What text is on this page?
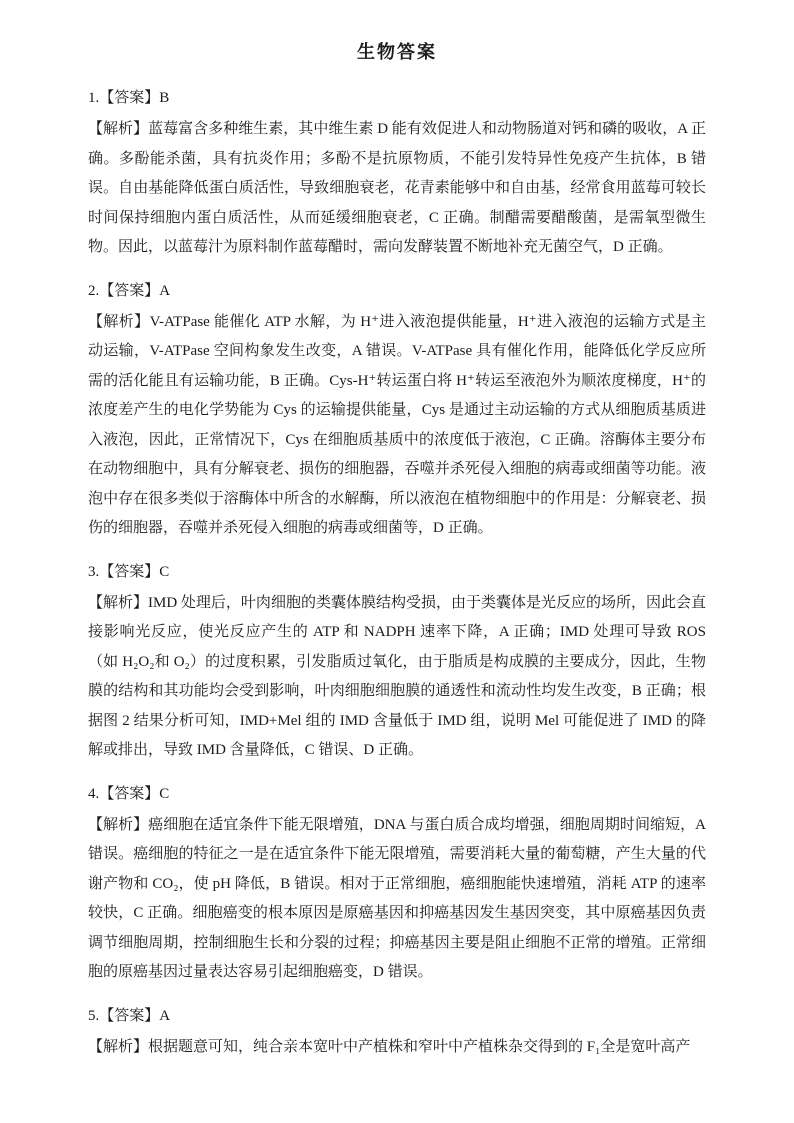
生物答案

1.【答案】B

【解析】蓝莓富含多种维生素，其中维生素 D 能有效促进人和动物肠道对钙和磷的吸收，A 正确。多酚能杀菌，具有抗炎作用；多酚不是抗原物质，不能引发特异性免疫产生抗体，B 错误。自由基能降低蛋白质活性，导致细胞衰老，花青素能够中和自由基，经常食用蓝莓可较长时间保持细胞内蛋白质活性，从而延缓细胞衰老，C 正确。制醋需要醋酸菌，是需氧型微生物。因此，以蓝莓汁为原料制作蓝莓醋时，需向发酵装置不断地补充无菌空气，D 正确。

2.【答案】A

【解析】V-ATPase 能催化 ATP 水解，为 H⁺进入液泡提供能量，H⁺进入液泡的运输方式是主动运输，V-ATPase 空间构象发生改变，A 错误。V-ATPase 具有催化作用，能降低化学反应所需的活化能且有运输功能，B 正确。Cys-H⁺转运蛋白将 H⁺转运至液泡外为顺浓度梯度，H⁺的浓度差产生的电化学势能为 Cys 的运输提供能量，Cys 是通过主动运输的方式从细胞质基质进入液泡，因此，正常情况下，Cys 在细胞质基质中的浓度低于液泡，C 正确。溶酶体主要分布在动物细胞中，具有分解衰老、损伤的细胞器，吞噬并杀死侵入细胞的病毒或细菌等功能。液泡中存在很多类似于溶酶体中所含的水解酶，所以液泡在植物细胞中的作用是：分解衰老、损伤的细胞器，吞噬并杀死侵入细胞的病毒或细菌等，D 正确。

3.【答案】C

【解析】IMD 处理后，叶肉细胞的类囊体膜结构受损，由于类囊体是光反应的场所，因此会直接影响光反应，使光反应产生的 ATP 和 NADPH 速率下降，A 正确；IMD 处理可导致 ROS（如 H₂O₂和 O₂）的过度积累，引发脂质过氧化，由于脂质是构成膜的主要成分，因此，生物膜的结构和其功能均会受到影响，叶肉细胞细胞膜的通透性和流动性均发生改变，B 正确；根据图 2 结果分析可知，IMD+Mel 组的 IMD 含量低于 IMD 组，说明 Mel 可能促进了 IMD 的降解或排出，导致 IMD 含量降低，C 错误、D 正确。

4.【答案】C

【解析】癌细胞在适宜条件下能无限增殖，DNA 与蛋白质合成均增强，细胞周期时间缩短，A 错误。癌细胞的特征之一是在适宜条件下能无限增殖，需要消耗大量的葡萄糖，产生大量的代谢产物和 CO₂，使 pH 降低，B 错误。相对于正常细胞，癌细胞能快速增殖，消耗 ATP 的速率较快，C 正确。细胞癌变的根本原因是原癌基因和抑癌基因发生基因突变，其中原癌基因负责调节细胞周期，控制细胞生长和分裂的过程；抑癌基因主要是阻止细胞不正常的增殖。正常细胞的原癌基因过量表达容易引起细胞癌变，D 错误。

5.【答案】A

【解析】根据题意可知，纯合亲本宽叶中产植株和窄叶中产植株杂交得到的 F₁全是宽叶高产
